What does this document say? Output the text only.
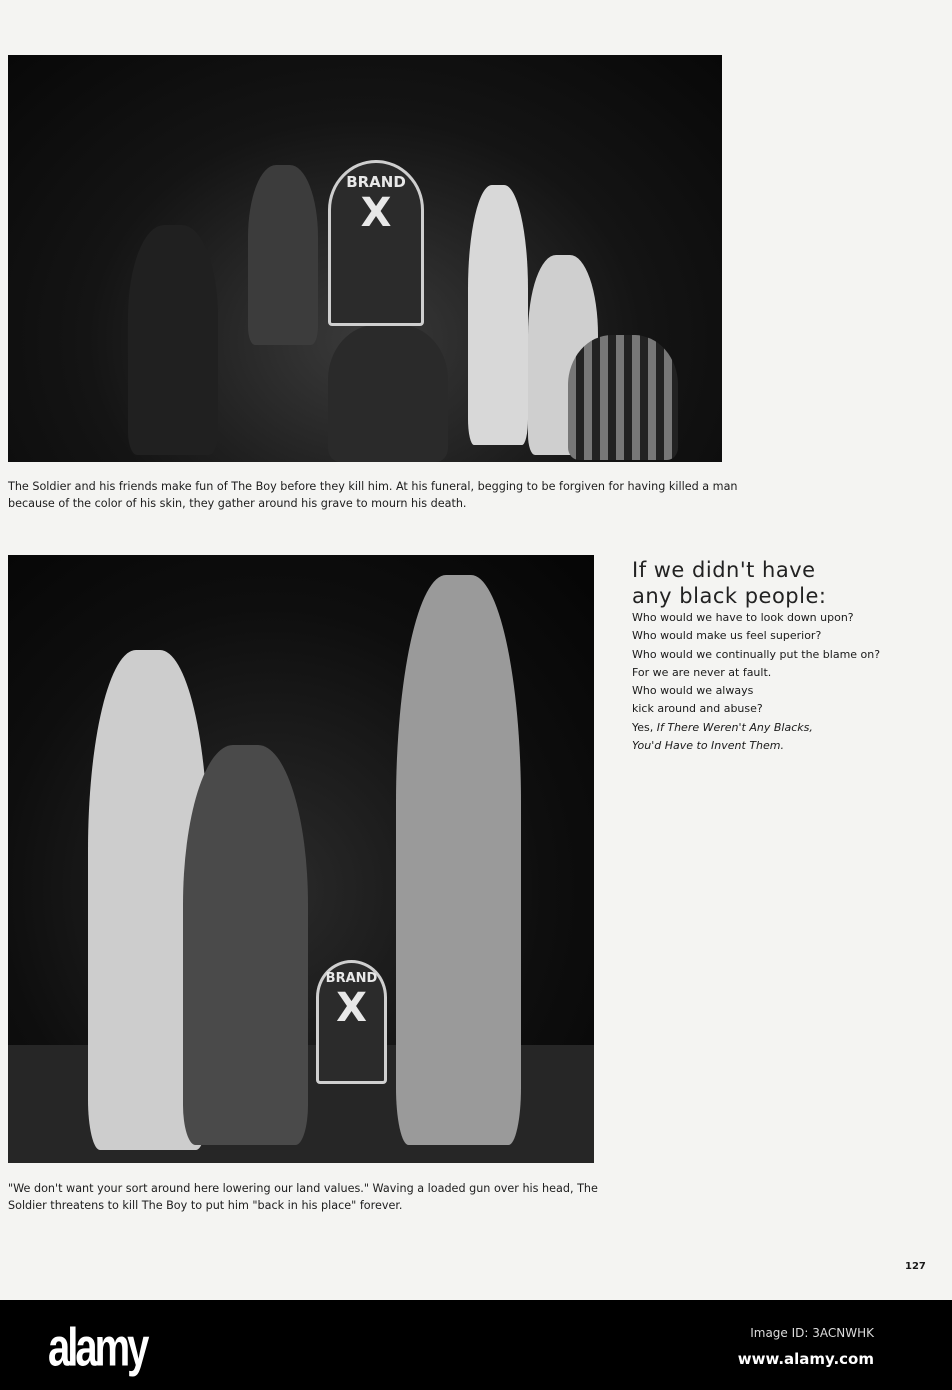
BRAND
X
The Soldier and his friends make fun of The Boy before they kill him. At his funeral, begging to be forgiven for having killed a man because of the color of his skin, they gather around his grave to mourn his death.
BRAND
X
"We don't want your sort around here lowering our land values." Waving a loaded gun over his head, The Soldier threatens to kill The Boy to put him "back in his place" forever.
If we didn't have
any black people:
Who would we have to look down upon?
Who would make us feel superior?
Who would we continually put the blame on?
For we are never at fault.
Who would we always
kick around and abuse?
Yes, If There Weren't Any Blacks,
You'd Have to Invent Them.
127
alamy	Image ID: 3ACNWHK
www.alamy.com
